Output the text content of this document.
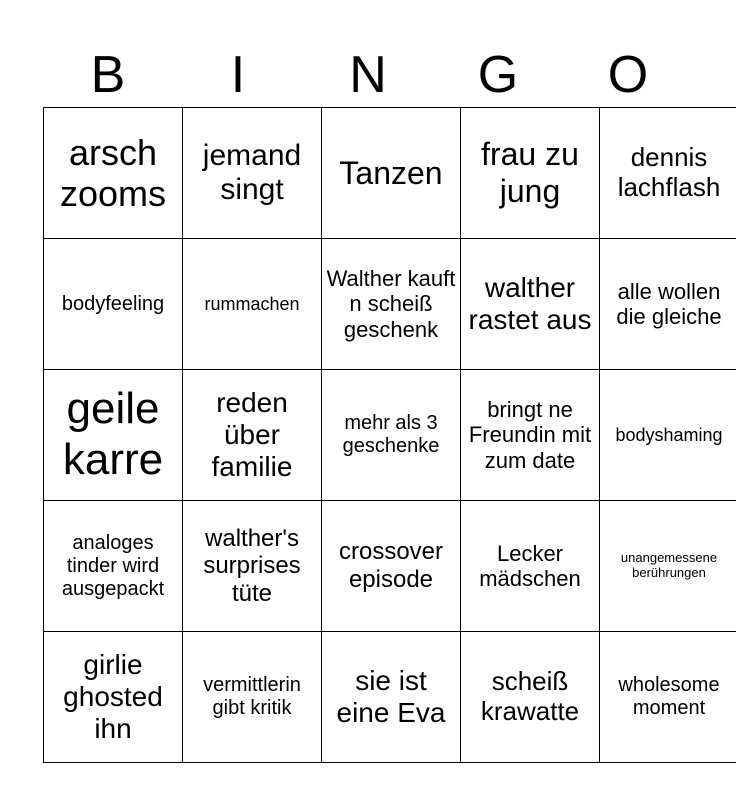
B	I	N	G	O
arsch zooms	jemand singt	Tanzen	frau zu jung	dennis lachflash
bodyfeeling	rummachen	Walther kauft n scheiß geschenk	walther rastet aus	alle wollen die gleiche
geile karre	reden über familie	mehr als 3 geschenke	bringt ne Freundin mit zum date	bodyshaming
analoges tinder wird ausgepackt	walther's surprises tüte	crossover episode	Lecker mädschen	unangemessene berührungen
girlie ghosted ihn	vermittlerin gibt kritik	sie ist eine Eva	scheiß krawatte	wholesome moment
